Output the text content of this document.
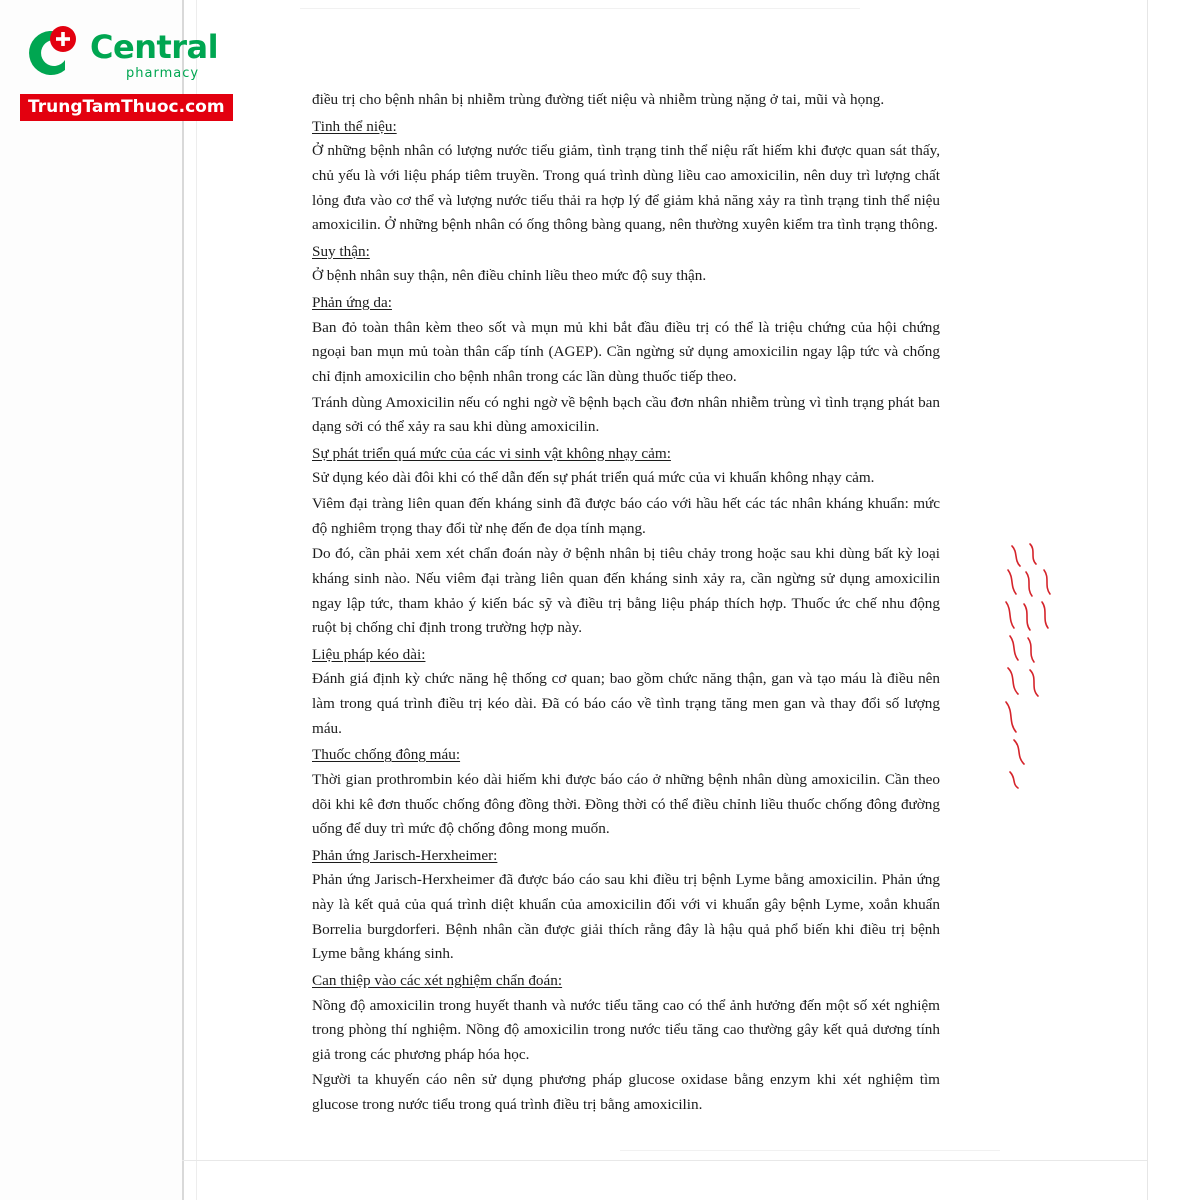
Central
pharmacy
TrungTamThuoc.com	điều trị cho bệnh nhân bị nhiễm trùng đường tiết niệu và nhiễm trùng nặng ở tai, mũi và họng.

Tinh thể niệu:

Ở những bệnh nhân có lượng nước tiểu giảm, tình trạng tinh thể niệu rất hiếm khi được quan sát thấy, chủ yếu là với liệu pháp tiêm truyền. Trong quá trình dùng liều cao amoxicilin, nên duy trì lượng chất lỏng đưa vào cơ thể và lượng nước tiểu thải ra hợp lý để giảm khả năng xảy ra tình trạng tinh thể niệu amoxicilin. Ở những bệnh nhân có ống thông bàng quang, nên thường xuyên kiểm tra tình trạng thông.

Suy thận:

Ở bệnh nhân suy thận, nên điều chỉnh liều theo mức độ suy thận.

Phản ứng da:

Ban đỏ toàn thân kèm theo sốt và mụn mủ khi bắt đầu điều trị có thể là triệu chứng của hội chứng ngoại ban mụn mủ toàn thân cấp tính (AGEP). Cần ngừng sử dụng amoxicilin ngay lập tức và chống chỉ định amoxicilin cho bệnh nhân trong các lần dùng thuốc tiếp theo.

Tránh dùng Amoxicilin nếu có nghi ngờ về bệnh bạch cầu đơn nhân nhiễm trùng vì tình trạng phát ban dạng sởi có thể xảy ra sau khi dùng amoxicilin.

Sự phát triển quá mức của các vi sinh vật không nhạy cảm:

Sử dụng kéo dài đôi khi có thể dẫn đến sự phát triển quá mức của vi khuẩn không nhạy cảm.

Viêm đại tràng liên quan đến kháng sinh đã được báo cáo với hầu hết các tác nhân kháng khuẩn: mức độ nghiêm trọng thay đổi từ nhẹ đến đe dọa tính mạng.

Do đó, cần phải xem xét chẩn đoán này ở bệnh nhân bị tiêu chảy trong hoặc sau khi dùng bất kỳ loại kháng sinh nào. Nếu viêm đại tràng liên quan đến kháng sinh xảy ra, cần ngừng sử dụng amoxicilin ngay lập tức, tham khảo ý kiến bác sỹ và điều trị bằng liệu pháp thích hợp. Thuốc ức chế nhu động ruột bị chống chỉ định trong trường hợp này.

Liệu pháp kéo dài:

Đánh giá định kỳ chức năng hệ thống cơ quan; bao gồm chức năng thận, gan và tạo máu là điều nên làm trong quá trình điều trị kéo dài. Đã có báo cáo về tình trạng tăng men gan và thay đổi số lượng máu.

Thuốc chống đông máu:

Thời gian prothrombin kéo dài hiếm khi được báo cáo ở những bệnh nhân dùng amoxicilin. Cần theo dõi khi kê đơn thuốc chống đông đồng thời. Đồng thời có thể điều chỉnh liều thuốc chống đông đường uống để duy trì mức độ chống đông mong muốn.

Phản ứng Jarisch-Herxheimer:

Phản ứng Jarisch-Herxheimer đã được báo cáo sau khi điều trị bệnh Lyme bằng amoxicilin. Phản ứng này là kết quả của quá trình diệt khuẩn của amoxicilin đối với vi khuẩn gây bệnh Lyme, xoắn khuẩn Borrelia burgdorferi. Bệnh nhân cần được giải thích rằng đây là hậu quả phổ biến khi điều trị bệnh Lyme bằng kháng sinh.

Can thiệp vào các xét nghiệm chẩn đoán:

Nồng độ amoxicilin trong huyết thanh và nước tiểu tăng cao có thể ảnh hưởng đến một số xét nghiệm trong phòng thí nghiệm. Nồng độ amoxicilin trong nước tiểu tăng cao thường gây kết quả dương tính giả trong các phương pháp hóa học.

Người ta khuyến cáo nên sử dụng phương pháp glucose oxidase bằng enzym khi xét nghiệm tìm glucose trong nước tiểu trong quá trình điều trị bằng amoxicilin.
